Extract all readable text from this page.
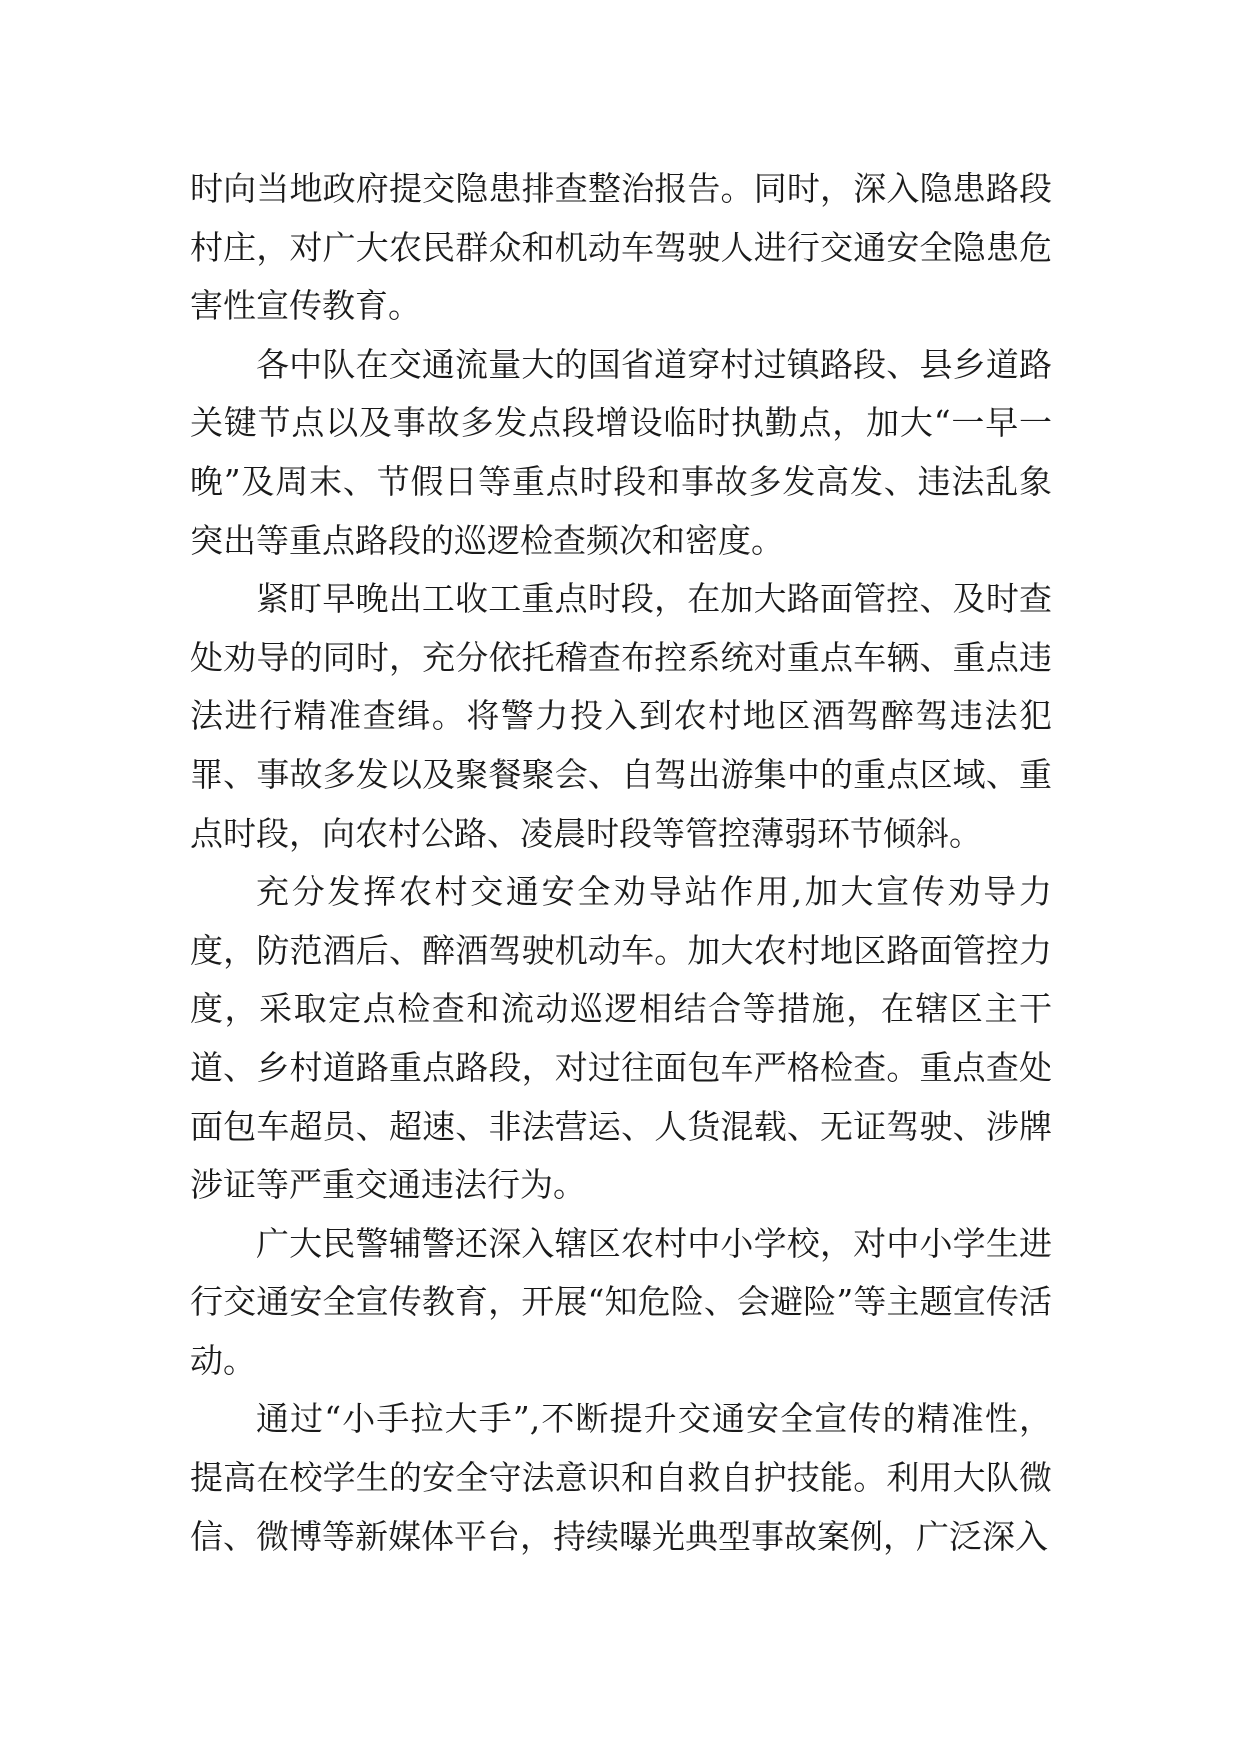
时向当地政府提交隐患排查整治报告。同时，深入隐患路段村庄，对广大农民群众和机动车驾驶人进行交通安全隐患危害性宣传教育。

各中队在交通流量大的国省道穿村过镇路段、县乡道路关键节点以及事故多发点段增设临时执勤点，加大“一早一晚”及周末、节假日等重点时段和事故多发高发、违法乱象突出等重点路段的巡逻检查频次和密度。

紧盯早晚出工收工重点时段，在加大路面管控、及时查处劝导的同时，充分依托稽查布控系统对重点车辆、重点违法进行精准查缉。将警力投入到农村地区酒驾醉驾违法犯罪、事故多发以及聚餐聚会、自驾出游集中的重点区域、重点时段，向农村公路、凌晨时段等管控薄弱环节倾斜。

充分发挥农村交通安全劝导站作用,加大宣传劝导力度，防范酒后、醉酒驾驶机动车。加大农村地区路面管控力度，采取定点检查和流动巡逻相结合等措施，在辖区主干道、乡村道路重点路段，对过往面包车严格检查。重点查处面包车超员、超速、非法营运、人货混载、无证驾驶、涉牌涉证等严重交通违法行为。

广大民警辅警还深入辖区农村中小学校，对中小学生进行交通安全宣传教育，开展“知危险、会避险”等主题宣传活动。

通过“小手拉大手”,不断提升交通安全宣传的精准性，提高在校学生的安全守法意识和自救自护技能。利用大队微信、微博等新媒体平台，持续曝光典型事故案例，广泛深入
